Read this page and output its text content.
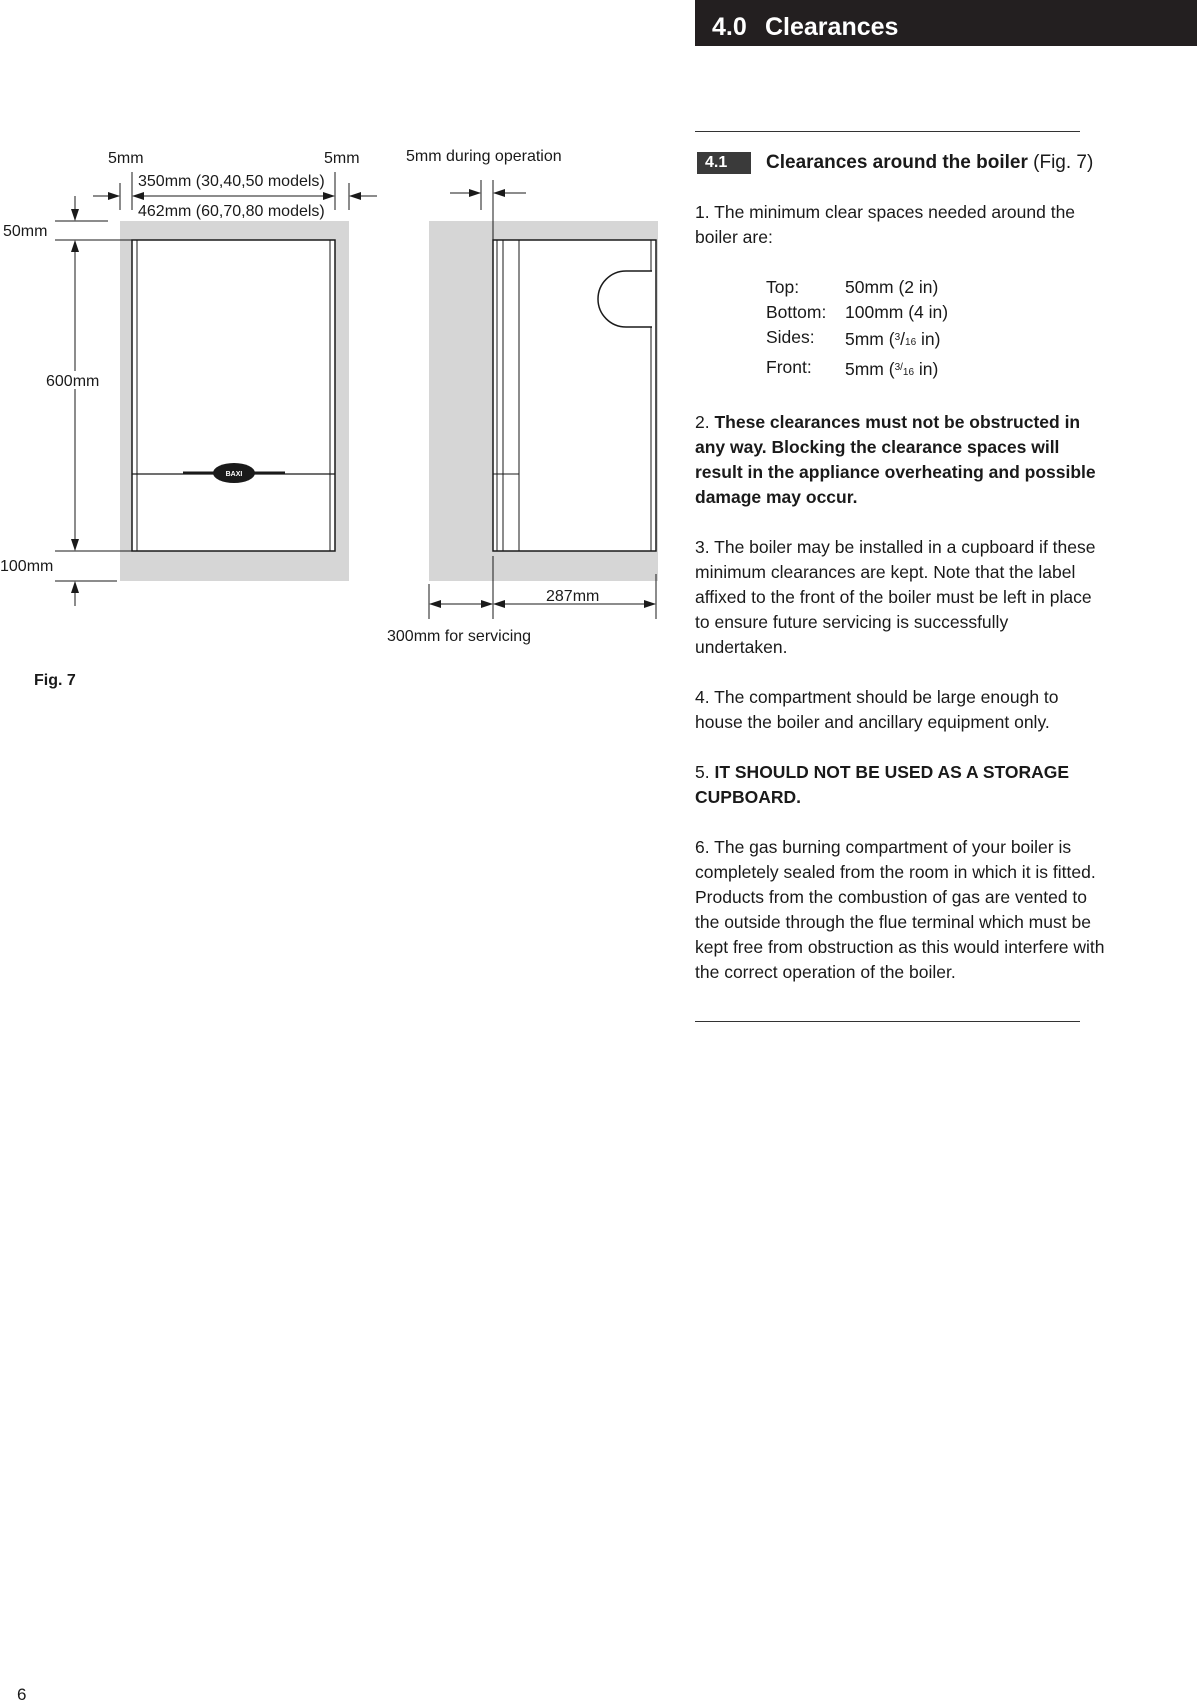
4.0 Clearances
BAXI
5mm	5mm
350mm (30,40,50 models)
462mm (60,70,80 models)
50mm
600mm
100mm
5mm during operation
287mm
300mm for servicing
Fig. 7
4.1	Clearances around the boiler (Fig. 7)

1. The minimum clear spaces needed around the boiler are:

Top:	50mm (2 in)
Bottom:	100mm (4 in)
Sides:	5mm ($^3$/16 in)
Front:	5mm ($^{3/}$16 in)

2. These clearances must not be obstructed in any way. Blocking the clearance spaces will result in the appliance overheating and possible damage may occur.

3. The boiler may be installed in a cupboard if these minimum clearances are kept. Note that the label affixed to the front of the boiler must be left in place to ensure future servicing is successfully undertaken.

4. The compartment should be large enough to house the boiler and ancillary equipment only.

5. IT SHOULD NOT BE USED AS A STORAGE CUPBOARD.

6. The gas burning compartment of your boiler is completely sealed from the room in which it is fitted. Products from the combustion of gas are vented to the outside through the flue terminal which must be kept free from obstruction as this would interfere with the correct operation of the boiler.

6
